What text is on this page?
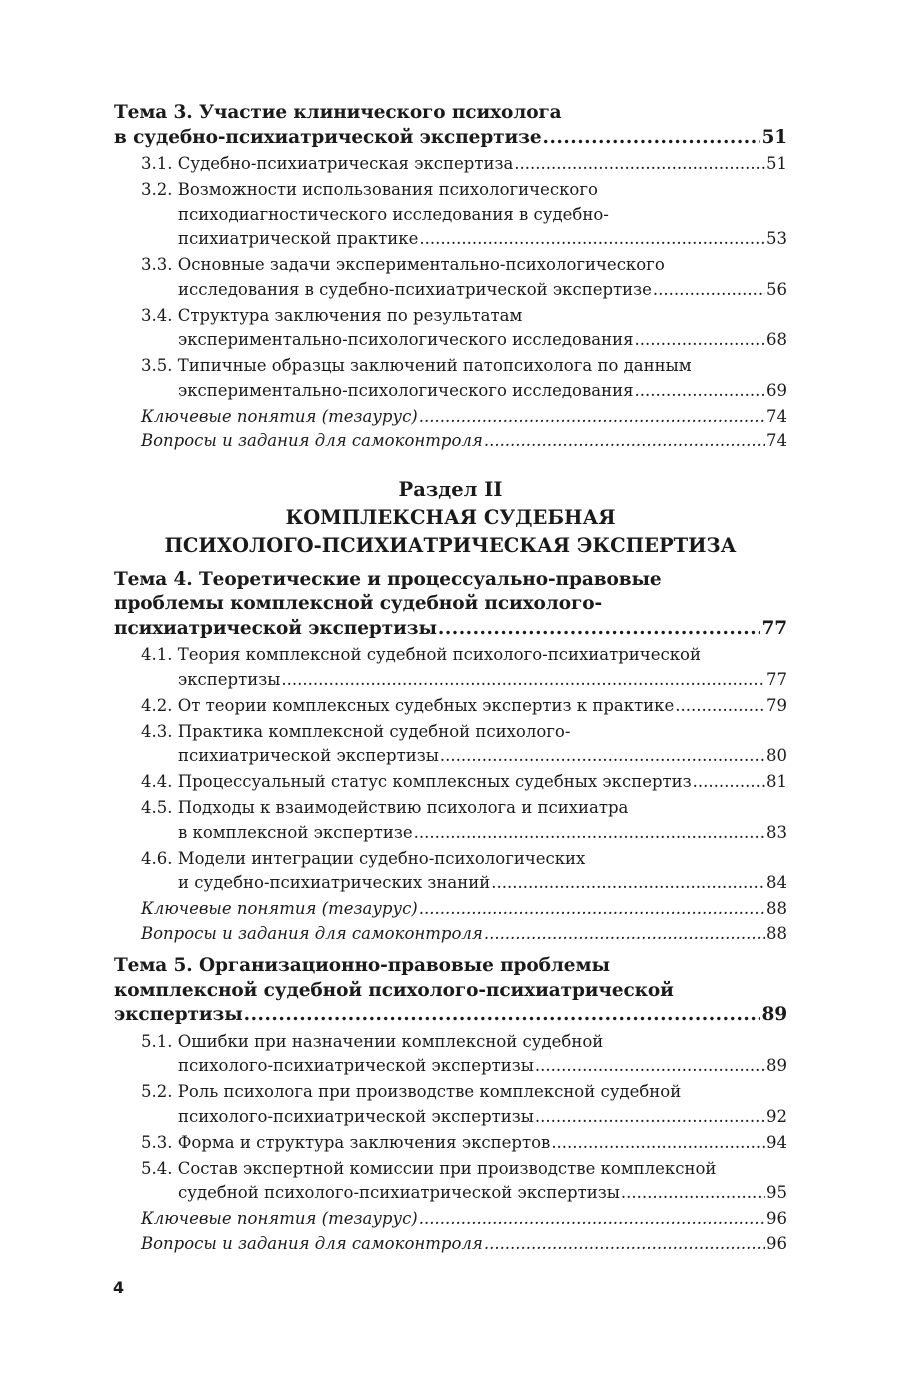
Тема 3. Участие клинического психолога
в судебно-психиатрической экспертизе .....	51
3.1. Судебно-психиатрическая экспертиза .....	51
3.2. Возможности использования психологического
психодиагностического исследования в судебно-
психиатрической практике .....	53
3.3. Основные задачи экспериментально-психологического
исследования в судебно-психиатрической экспертизе .....	56
3.4. Структура заключения по результатам
экспериментально-психологического исследования .....	68
3.5. Типичные образцы заключений патопсихолога по данным
экспериментально-психологического исследования .....	69
Ключевые понятия (тезаурус) .....	74
Вопросы и задания для самоконтроля .....	74
Раздел II
КОМПЛЕКСНАЯ СУДЕБНАЯ
ПСИХОЛОГО-ПСИХИАТРИЧЕСКАЯ ЭКСПЕРТИЗА
Тема 4. Теоретические и процессуально-правовые
проблемы комплексной судебной психолого-
психиатрической экспертизы .....	77
4.1. Теория комплексной судебной психолого-психиатрической
экспертизы .....	77
4.2. От теории комплексных судебных экспертиз к практике .....	79
4.3. Практика комплексной судебной психолого-
психиатрической экспертизы .....	80
4.4. Процессуальный статус комплексных судебных экспертиз .....	81
4.5. Подходы к взаимодействию психолога и психиатра
в комплексной экспертизе .....	83
4.6. Модели интеграции судебно-психологических
и судебно-психиатрических знаний .....	84
Ключевые понятия (тезаурус) .....	88
Вопросы и задания для самоконтроля .....	88
Тема 5. Организационно-правовые проблемы
комплексной судебной психолого-психиатрической
экспертизы .....	89
5.1. Ошибки при назначении комплексной судебной
психолого-психиатрической экспертизы .....	89
5.2. Роль психолога при производстве комплексной судебной
психолого-психиатрической экспертизы .....	92
5.3. Форма и структура заключения экспертов .....	94
5.4. Состав экспертной комиссии при производстве комплексной
судебной психолого-психиатрической экспертизы .....	95
Ключевые понятия (тезаурус) .....	96
Вопросы и задания для самоконтроля .....	96
4
